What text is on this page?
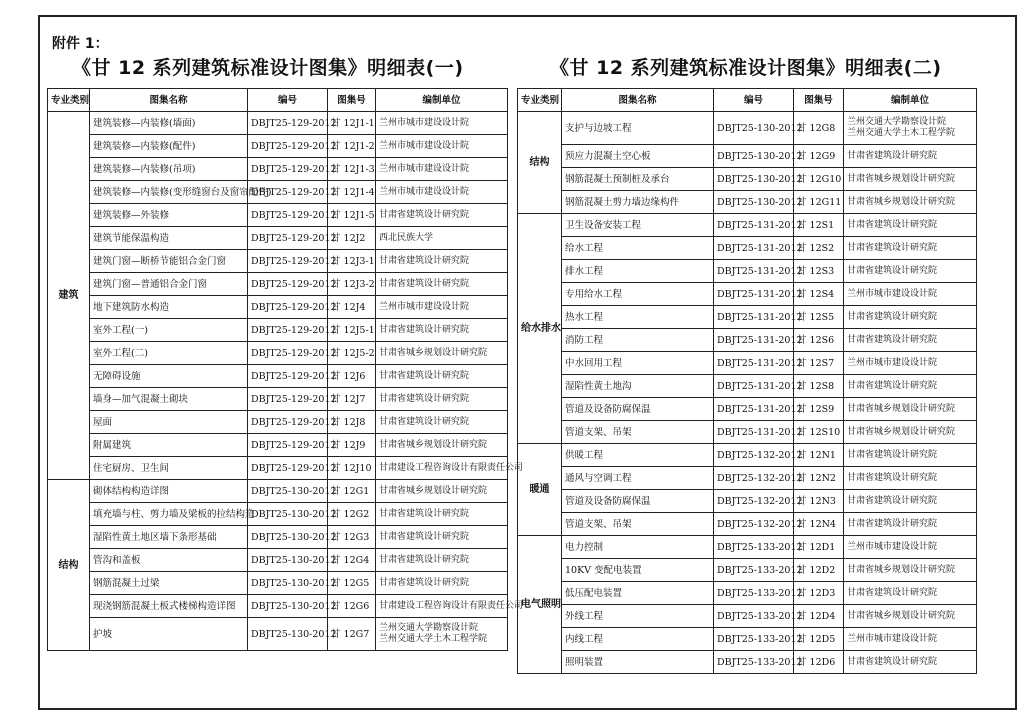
附件 1：
《甘 12 系列建筑标准设计图集》明细表(一)	《甘 12 系列建筑标准设计图集》明细表(二)
专业类别	图集名称	编号	图集号	编制单位
建筑	建筑装修—内装修(墙面)	DBJT25-129-2012	甘 12J1-1	兰州市城市建设设计院

	建筑装修—内装修(配件)	DBJT25-129-2012	甘 12J1-2	兰州市城市建设设计院

	建筑装修—内装修(吊项)	DBJT25-129-2012	甘 12J1-3	兰州市城市建设设计院

	建筑装修—内装修(变形缝窗台及窗帘配件)	DBJT25-129-2012	甘 12J1-4	兰州市城市建设设计院

	建筑装修—外装修	DBJT25-129-2012	甘 12J1-5	甘肃省建筑设计研究院

	建筑节能保温构造	DBJT25-129-2012	甘 12J2	西北民族大学

	建筑门窗—断桥节能铝合金门窗	DBJT25-129-2012	甘 12J3-1	甘肃省建筑设计研究院

	建筑门窗—普通铝合金门窗	DBJT25-129-2012	甘 12J3-2	甘肃省建筑设计研究院

	地下建筑防水构造	DBJT25-129-2012	甘 12J4	兰州市城市建设设计院

	室外工程(一)	DBJT25-129-2012	甘 12J5-1	甘肃省建筑设计研究院

	室外工程(二)	DBJT25-129-2012	甘 12J5-2	甘肃省城乡规划设计研究院

	无障碍设施	DBJT25-129-2012	甘 12J6	甘肃省建筑设计研究院

	墙身—加气混凝土砌块	DBJT25-129-2012	甘 12J7	甘肃省建筑设计研究院

	屋面	DBJT25-129-2012	甘 12J8	甘肃省建筑设计研究院

	附属建筑	DBJT25-129-2012	甘 12J9	甘肃省城乡规划设计研究院

	住宅厨房、卫生间	DBJT25-129-2012	甘 12J10	甘肃建设工程咨询设计有限责任公司

结构	砌体结构构造详图	DBJT25-130-2012	甘 12G1	甘肃省城乡规划设计研究院

	填充墙与柱、剪力墙及梁板的拉结构造	DBJT25-130-2012	甘 12G2	甘肃省建筑设计研究院

	湿陷性黄土地区墙下条形基础	DBJT25-130-2012	甘 12G3	甘肃省建筑设计研究院

	管沟和盖板	DBJT25-130-2012	甘 12G4	甘肃省建筑设计研究院

	钢筋混凝土过梁	DBJT25-130-2012	甘 12G5	甘肃省建筑设计研究院

	现浇钢筋混凝土板式楼梯构造详图	DBJT25-130-2012	甘 12G6	甘肃建设工程咨询设计有限责任公司

	护坡	DBJT25-130-2012	甘 12G7	兰州交通大学勘察设计院
兰州交通大学土木工程学院
专业类别	图集名称	编号	图集号	编制单位
结构	支护与边坡工程	DBJT25-130-2012	甘 12G8	兰州交通大学勘察设计院
兰州交通大学土木工程学院

	预应力混凝土空心板	DBJT25-130-2012	甘 12G9	甘肃省建筑设计研究院

	钢筋混凝土预制桩及承台	DBJT25-130-2012	甘 12G10	甘肃省城乡规划设计研究院

	钢筋混凝土剪力墙边缘构件	DBJT25-130-2012	甘 12G11	甘肃省城乡规划设计研究院

给水排水	卫生设备安装工程	DBJT25-131-2012	甘 12S1	甘肃省建筑设计研究院

	给水工程	DBJT25-131-2012	甘 12S2	甘肃省建筑设计研究院

	排水工程	DBJT25-131-2012	甘 12S3	甘肃省建筑设计研究院

	专用给水工程	DBJT25-131-2012	甘 12S4	兰州市城市建设设计院

	热水工程	DBJT25-131-2012	甘 12S5	甘肃省建筑设计研究院

	消防工程	DBJT25-131-2012	甘 12S6	甘肃省建筑设计研究院

	中水回用工程	DBJT25-131-2012	甘 12S7	兰州市城市建设设计院

	湿陷性黄土地沟	DBJT25-131-2012	甘 12S8	甘肃省建筑设计研究院

	管道及设备防腐保温	DBJT25-131-2012	甘 12S9	甘肃省城乡规划设计研究院

	管道支架、吊架	DBJT25-131-2012	甘 12S10	甘肃省城乡规划设计研究院

暖通	供暖工程	DBJT25-132-2012	甘 12N1	甘肃省建筑设计研究院

	通风与空调工程	DBJT25-132-2012	甘 12N2	甘肃省建筑设计研究院

	管道及设备防腐保温	DBJT25-132-2012	甘 12N3	甘肃省建筑设计研究院

	管道支架、吊架	DBJT25-132-2012	甘 12N4	甘肃省建筑设计研究院

电气照明	电力控制	DBJT25-133-2012	甘 12D1	兰州市城市建设设计院

	10KV 变配电装置	DBJT25-133-2012	甘 12D2	甘肃省城乡规划设计研究院

	低压配电装置	DBJT25-133-2012	甘 12D3	甘肃省建筑设计研究院

	外线工程	DBJT25-133-2012	甘 12D4	甘肃省城乡规划设计研究院

	内线工程	DBJT25-133-2012	甘 12D5	兰州市城市建设设计院

	照明装置	DBJT25-133-2012	甘 12D6	甘肃省建筑设计研究院
